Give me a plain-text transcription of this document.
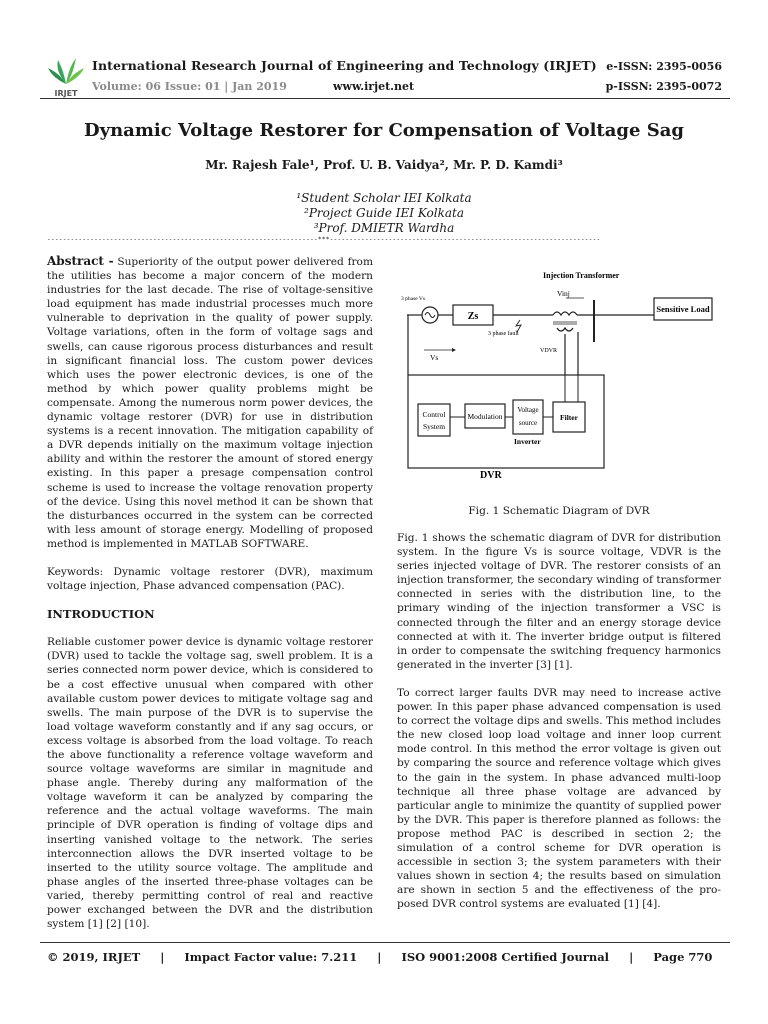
IRJET
International Research Journal of Engineering and Technology (IRJET)
Volume: 06 Issue: 01 | Jan 2019	www.irjet.net
e-ISSN: 2395-0056
p-ISSN: 2395-0072
Dynamic Voltage Restorer for Compensation of Voltage Sag
Mr. Rajesh Fale¹, Prof. U. B. Vaidya², Mr. P. D. Kamdi³
¹Student Scholar IEI Kolkata
²Project Guide IEI Kolkata
³Prof. DMIETR Wardha
---------------------------------------------------------------------***---------------------------------------------------------------------

Abstract - Superiority of the output power delivered from the utilities has become a major concern of the modern industries for the last decade. The rise of voltage-sensitive load equipment has made industrial processes much more vulnerable to deprivation in the quality of power supply. Voltage variations, often in the form of voltage sags and swells, can cause rigorous process disturbances and result in significant financial loss. The custom power devices which uses the power electronic devices, is one of the method by which power quality problems might be compensate. Among the numerous norm power devices, the dynamic voltage restorer (DVR) for use in distribution systems is a recent innovation. The mitigation capability of a DVR depends initially on the maximum voltage injection ability and within the restorer the amount of stored energy existing. In this paper a presage compensation control scheme is used to increase the voltage renovation property of the device. Using this novel method it can be shown that the disturbances occurred in the system can be corrected with less amount of storage energy. Modelling of proposed method is implemented in MATLAB SOFTWARE.

Keywords: Dynamic voltage restorer (DVR), maximum voltage injection, Phase advanced compensation (PAC).

INTRODUCTION

Reliable customer power device is dynamic voltage restorer (DVR) used to tackle the voltage sag, swell problem. It is a series connected norm power device, which is considered to be a cost effective unusual when compared with other available custom power devices to mitigate voltage sag and swells. The main purpose of the DVR is to supervise the load voltage waveform constantly and if any sag occurs, or excess voltage is absorbed from the load voltage. To reach the above functionality a reference voltage waveform and source voltage waveforms are similar in magnitude and phase angle. Thereby during any malformation of the voltage waveform it can be analyzed by comparing the reference and the actual voltage waveforms. The main principle of DVR operation is finding of voltage dips and inserting vanished voltage to the network. The series interconnection allows the DVR inserted voltage to be inserted to the utility source voltage. The amplitude and phase angles of the inserted three-phase voltages can be varied, thereby permitting control of real and reactive power exchanged between the DVR and the distribution system [1] [2] [10].

Zs
Sensitive Load
Injection Transformer
Vinj
3 phase Vs
3 phase fault
Vs
VDVR
Control
System
Modulation
Voltage
source
Inverter
Filter
DVR
Fig. 1 Schematic Diagram of DVR

Fig. 1 shows the schematic diagram of DVR for distribution system. In the figure Vs is source voltage, VDVR is the series injected voltage of DVR. The restorer consists of an injection transformer, the secondary winding of transformer connected in series with the distribution line, to the primary winding of the injection transformer a VSC is connected through the filter and an energy storage device connected at with it. The inverter bridge output is filtered in order to compensate the switching frequency harmonics generated in the inverter [3] [1].

To correct larger faults DVR may need to increase active power. In this paper phase advanced compensation is used to correct the voltage dips and swells. This method includes the new closed loop load voltage and inner loop current mode control. In this method the error voltage is given out by comparing the source and reference voltage which gives to the gain in the system. In phase advanced multi-loop technique all three phase voltage are advanced by particular angle to minimize the quantity of supplied power by the DVR. This paper is therefore planned as follows: the propose method PAC is described in section 2; the simulation of a control scheme for DVR operation is accessible in section 3; the system parameters with their values shown in section 4; the results based on simulation are shown in section 5 and the effectiveness of the pro-posed DVR control systems are evaluated [1] [4].

© 2019, IRJET | Impact Factor value: 7.211 | ISO 9001:2008 Certified Journal | Page 770
